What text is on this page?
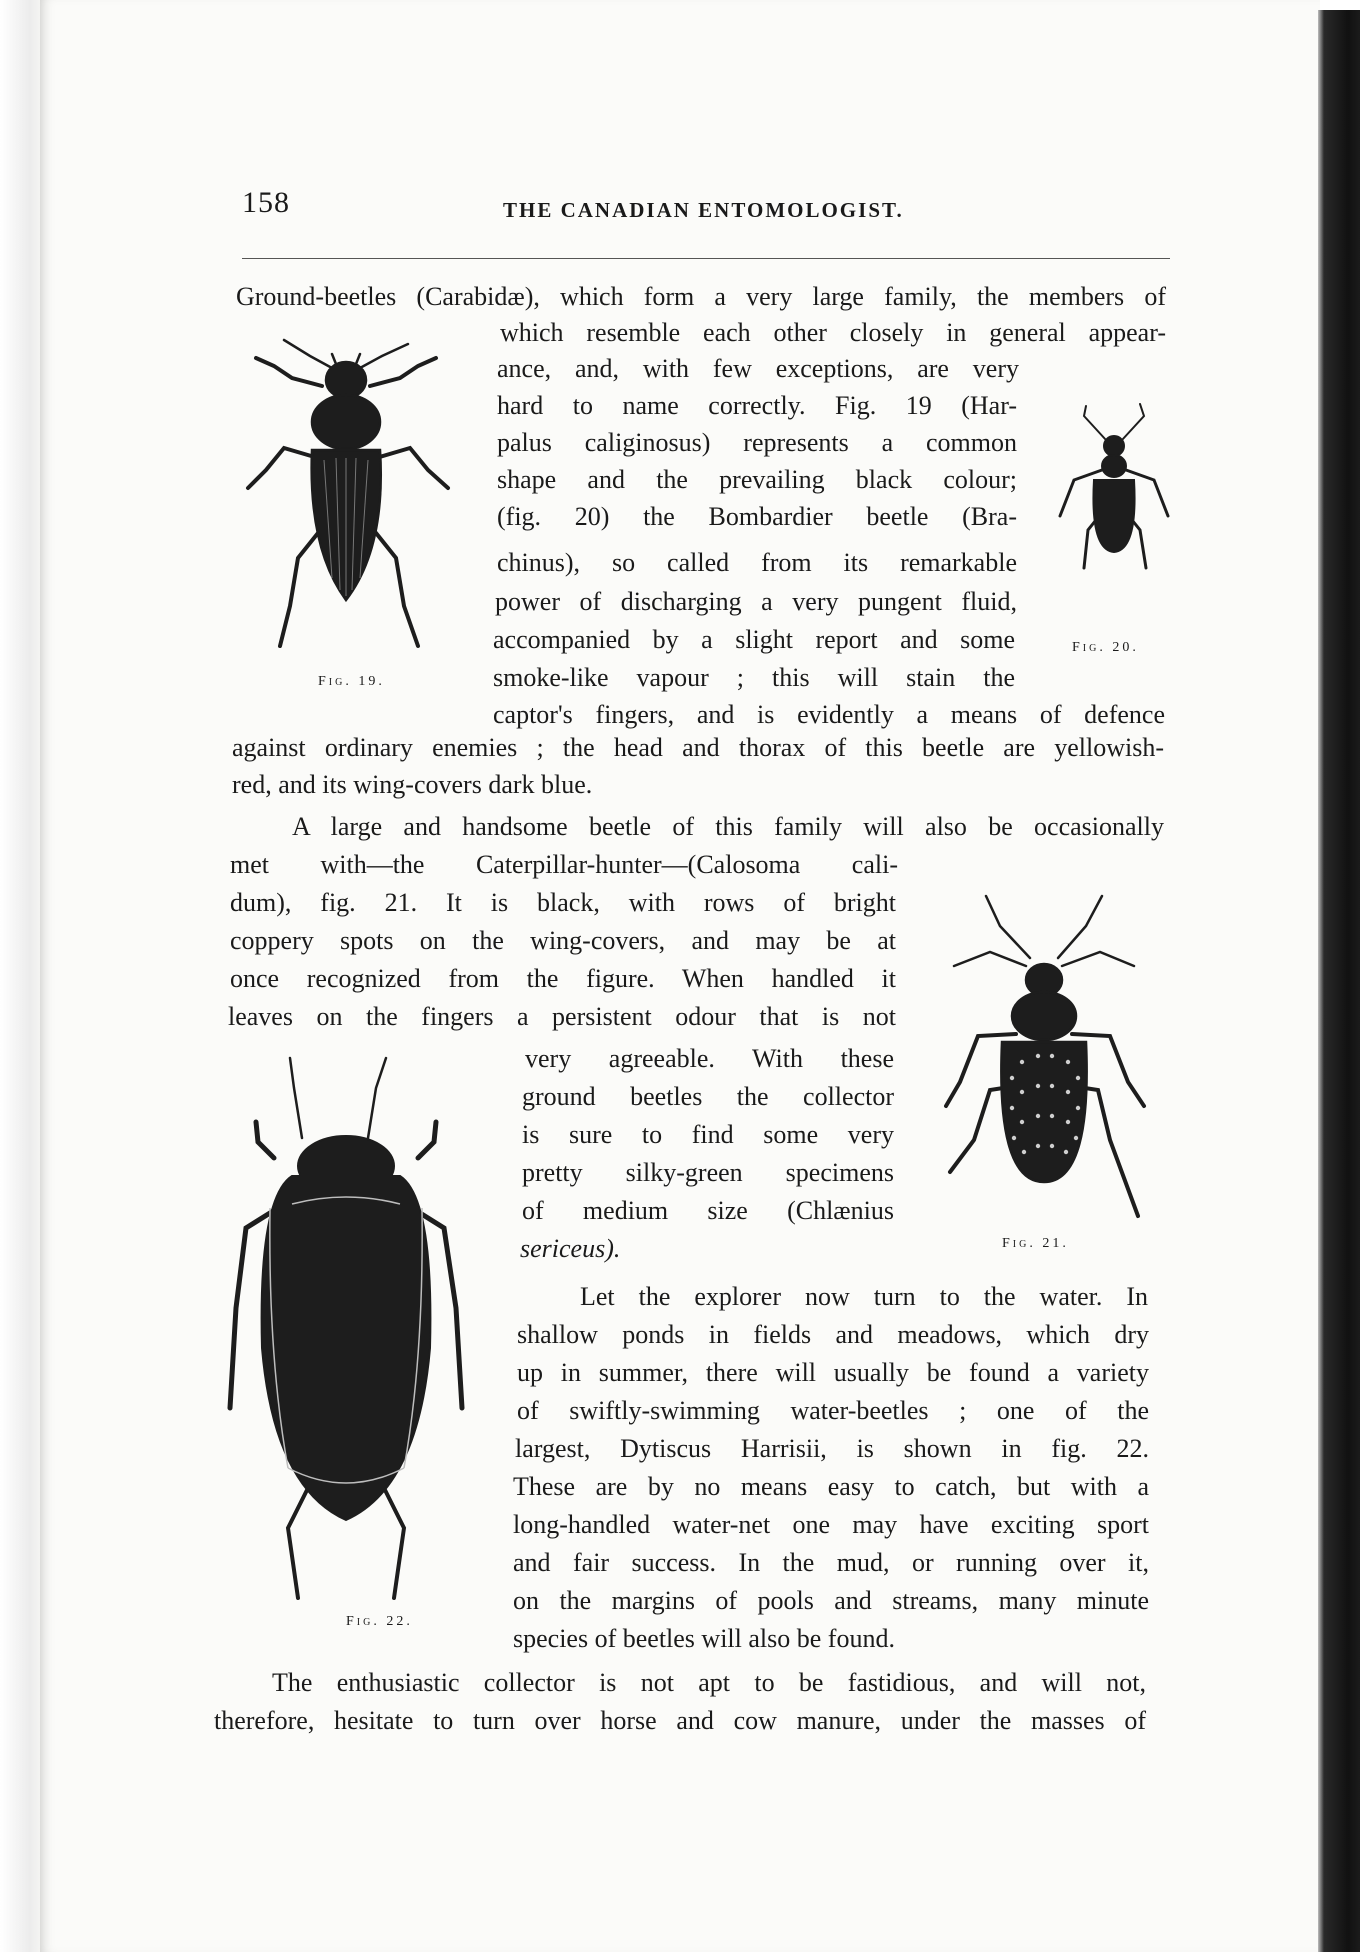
158	THE CANADIAN ENTOMOLOGIST.
Ground-beetles (Carabidæ), which form a very large family, the members of
which resemble each other closely in general appear-
ance, and, with few exceptions, are very
hard to name correctly. Fig. 19 (Har-
palus caliginosus) represents a common
shape and the prevailing black colour;
(fig. 20) the Bombardier beetle (Bra-
chinus), so called from its remarkable
power of discharging a very pungent fluid,
accompanied by a slight report and some
smoke-like vapour ; this will stain the
captor's fingers, and is evidently a means of defence
against ordinary enemies ; the head and thorax of this beetle are yellowish-
red, and its wing-covers dark blue.
A large and handsome beetle of this family will also be occasionally
met with—the Caterpillar-hunter—(Calosoma cali-
dum), fig. 21. It is black, with rows of bright
coppery spots on the wing-covers, and may be at
once recognized from the figure. When handled it
leaves on the fingers a persistent odour that is not
very agreeable. With these
ground beetles the collector
is sure to find some very
pretty silky-green specimens
of medium size (Chlænius
sericeus).
Let the explorer now turn to the water. In
shallow ponds in fields and meadows, which dry
up in summer, there will usually be found a variety
of swiftly-swimming water-beetles ; one of the
largest, Dytiscus Harrisii, is shown in fig. 22.
These are by no means easy to catch, but with a
long-handled water-net one may have exciting sport
and fair success. In the mud, or running over it,
on the margins of pools and streams, many minute
species of beetles will also be found.
The enthusiastic collector is not apt to be fastidious, and will not,
therefore, hesitate to turn over horse and cow manure, under the masses of
Fig. 19.
Fig. 20.
Fig. 21.
Fig. 22.
